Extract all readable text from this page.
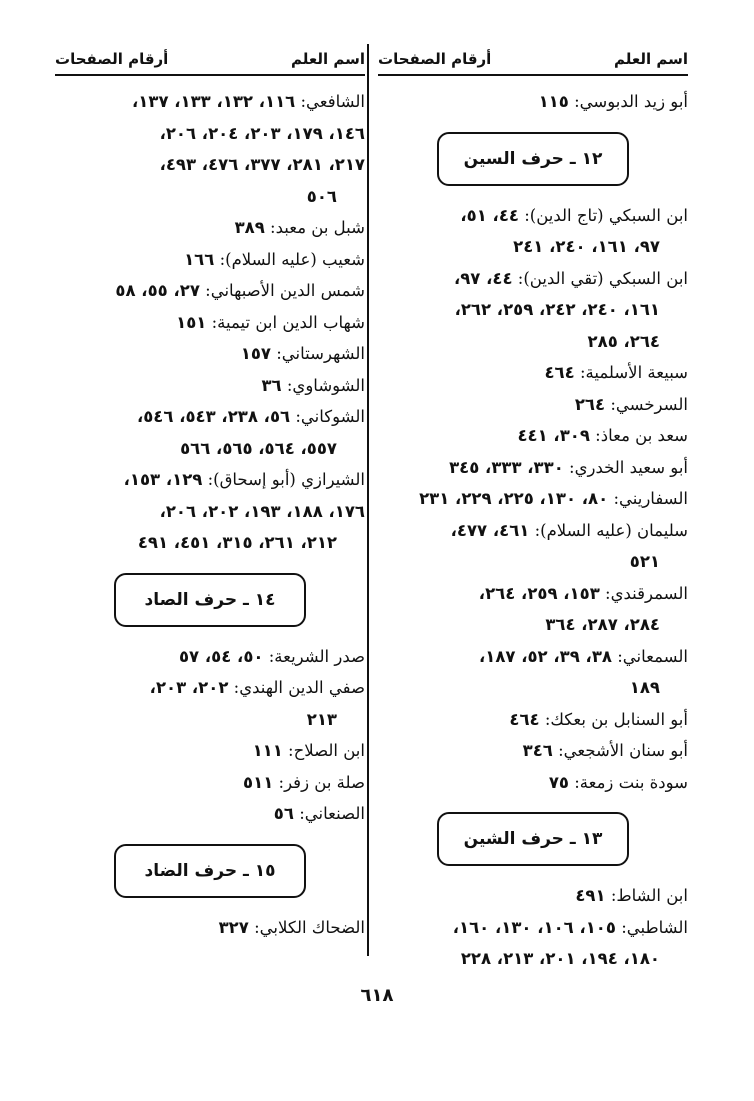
اسم العلم
أرقام الصفحات
أبو زيد الدبوسي: ١١٥
١٢ ـ حرف السين
ابن السبكي (تاج الدين): ٤٤، ٥١،
٩٧، ١٦١، ٢٤٠، ٢٤١
ابن السبكي (تقي الدين): ٤٤، ٩٧،
١٦١، ٢٤٠، ٢٤٢، ٢٥٩، ٢٦٢،
٢٦٤، ٢٨٥
سبيعة الأسلمية: ٤٦٤
السرخسي: ٢٦٤
سعد بن معاذ: ٣٠٩، ٤٤١
أبو سعيد الخدري: ٣٣٠، ٣٣٣، ٣٤٥
السفاريني: ٨٠، ١٣٠، ٢٢٥، ٢٢٩، ٢٣١
سليمان (عليه السلام): ٤٦١، ٤٧٧،
٥٢١
السمرقندي: ١٥٣، ٢٥٩، ٢٦٤،
٢٨٤، ٢٨٧، ٣٦٤
السمعاني: ٣٨، ٣٩، ٥٢، ١٨٧،
١٨٩
أبو السنابل بن بعكك: ٤٦٤
أبو سنان الأشجعي: ٣٤٦
سودة بنت زمعة: ٧٥
١٣ ـ حرف الشين
ابن الشاط: ٤٩١
الشاطبي: ١٠٥، ١٠٦، ١٣٠، ١٦٠،
١٨٠، ١٩٤، ٢٠١، ٢١٣، ٢٢٨
اسم العلم
أرقام الصفحات
الشافعي: ١١٦، ١٣٢، ١٣٣، ١٣٧،
١٤٦، ١٧٩، ٢٠٣، ٢٠٤، ٢٠٦،
٢١٧، ٢٨١، ٣٧٧، ٤٧٦، ٤٩٣،
٥٠٦
شبل بن معبد: ٣٨٩
شعيب (عليه السلام): ١٦٦
شمس الدين الأصبهاني: ٢٧، ٥٥، ٥٨
شهاب الدين ابن تيمية: ١٥١
الشهرستاني: ١٥٧
الشوشاوي: ٣٦
الشوكاني: ٥٦، ٢٣٨، ٥٤٣، ٥٤٦،
٥٥٧، ٥٦٤، ٥٦٥، ٥٦٦
الشيرازي (أبو إسحاق): ١٢٩، ١٥٣،
١٧٦، ١٨٨، ١٩٣، ٢٠٢، ٢٠٦،
٢١٢، ٢٦١، ٣١٥، ٤٥١، ٤٩١
١٤ ـ حرف الصاد
صدر الشريعة: ٥٠، ٥٤، ٥٧
صفي الدين الهندي: ٢٠٢، ٢٠٣،
٢١٣
ابن الصلاح: ١١١
صلة بن زفر: ٥١١
الصنعاني: ٥٦
١٥ ـ حرف الضاد
الضحاك الكلابي: ٣٢٧
٦١٨
